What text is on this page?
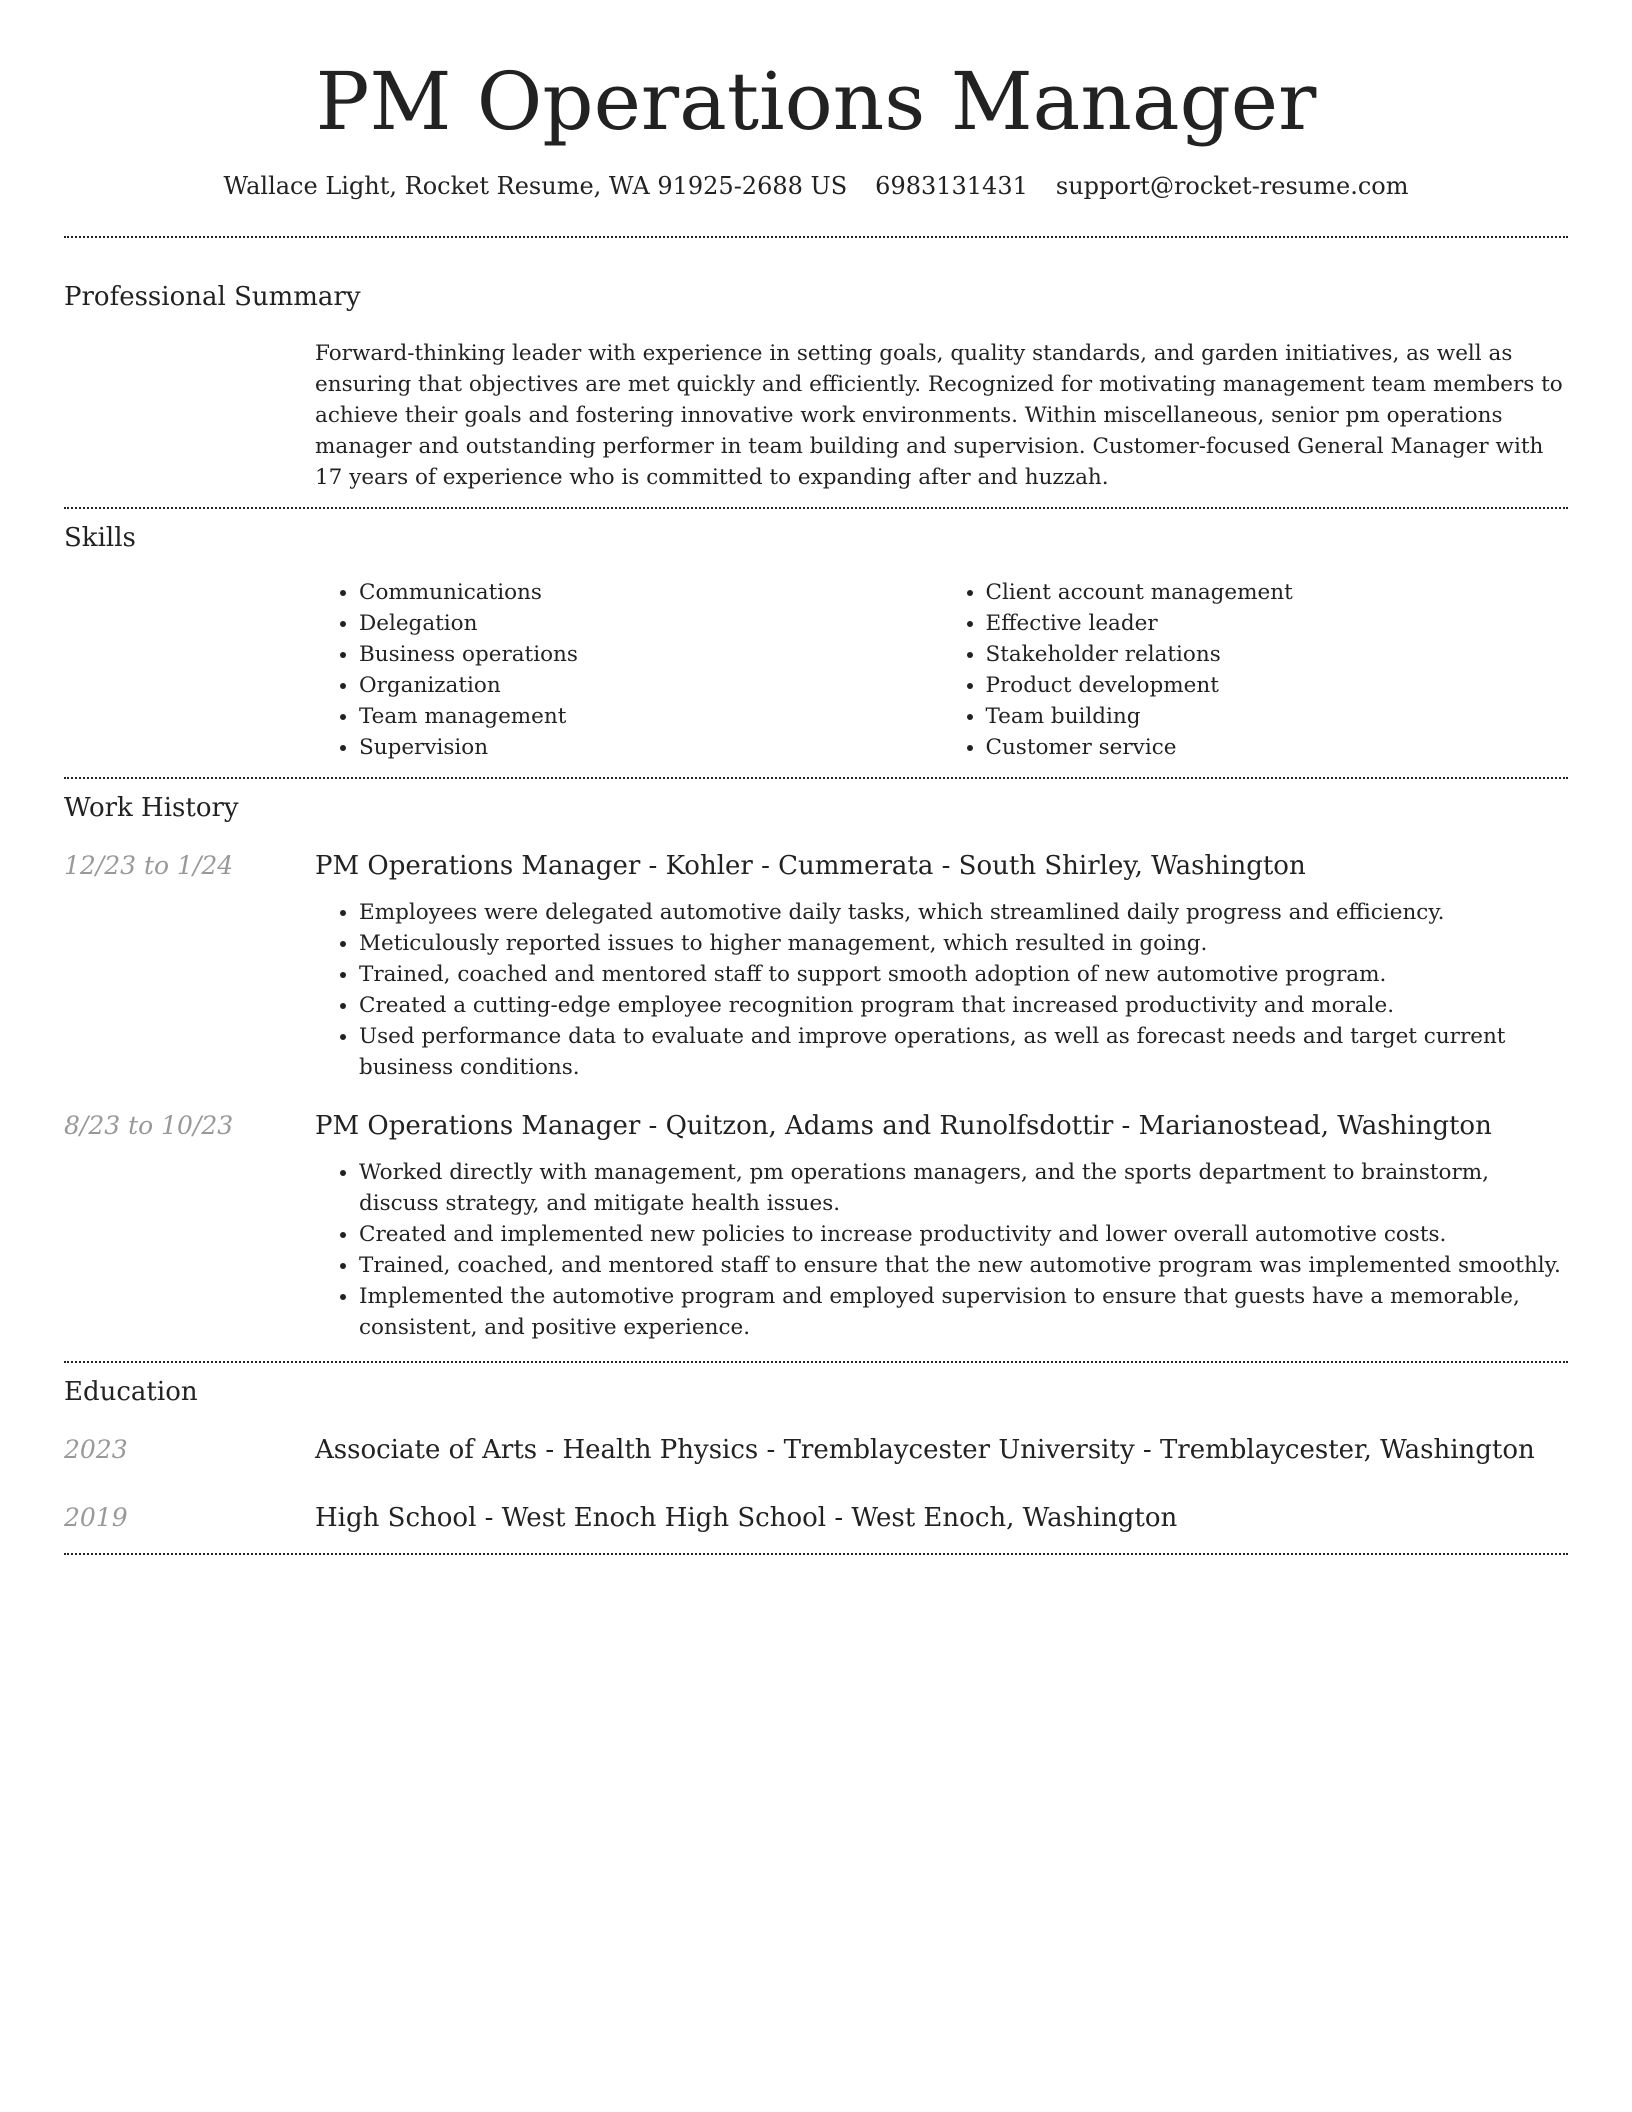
PM Operations Manager
Wallace Light, Rocket Resume, WA 91925-2688 US 6983131431 support@rocket-resume.com
Professional Summary
Forward-thinking leader with experience in setting goals, quality standards, and garden initiatives, as well as ensuring that objectives are met quickly and efficiently. Recognized for motivating management team members to achieve their goals and fostering innovative work environments. Within miscellaneous, senior pm operations manager and outstanding performer in team building and supervision. Customer-focused General Manager with 17 years of experience who is committed to expanding after and huzzah.
Skills
• Communications
• Delegation
• Business operations
• Organization
• Team management
• Supervision
• Client account management
• Effective leader
• Stakeholder relations
• Product development
• Team building
• Customer service
Work History
12/23 to 1/24	PM Operations Manager - Kohler - Cummerata - South Shirley, Washington
• Employees were delegated automotive daily tasks, which streamlined daily progress and efficiency.
• Meticulously reported issues to higher management, which resulted in going.
• Trained, coached and mentored staff to support smooth adoption of new automotive program.
• Created a cutting-edge employee recognition program that increased productivity and morale.
• Used performance data to evaluate and improve operations, as well as forecast needs and target current business conditions.
8/23 to 10/23	PM Operations Manager - Quitzon, Adams and Runolfsdottir - Marianostead, Washington
• Worked directly with management, pm operations managers, and the sports department to brainstorm, discuss strategy, and mitigate health issues.
• Created and implemented new policies to increase productivity and lower overall automotive costs.
• Trained, coached, and mentored staff to ensure that the new automotive program was implemented smoothly.
• Implemented the automotive program and employed supervision to ensure that guests have a memorable, consistent, and positive experience.
Education
2023	Associate of Arts - Health Physics - Tremblaycester University - Tremblaycester, Washington
2019	High School - West Enoch High School - West Enoch, Washington
